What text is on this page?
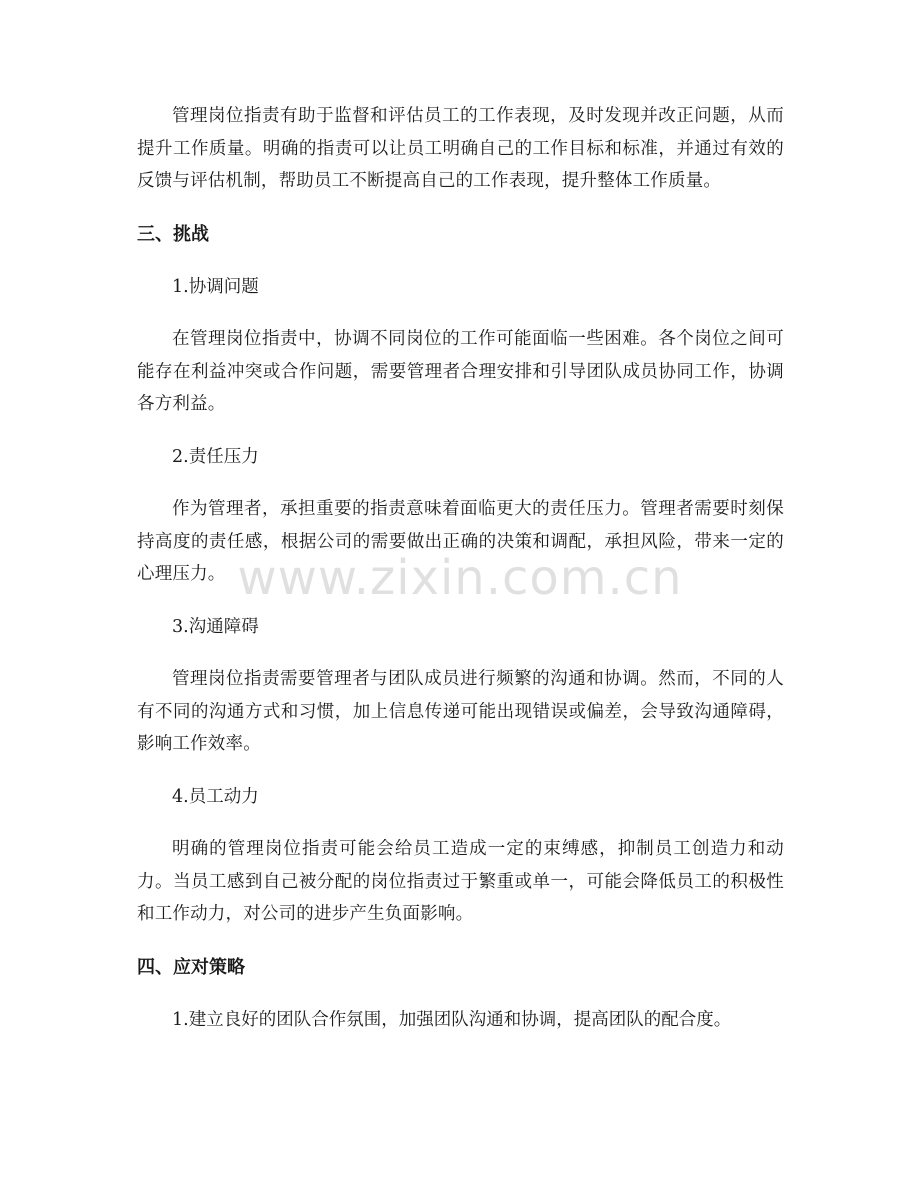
www.zixin.com.cn

管理岗位指责有助于监督和评估员工的工作表现，及时发现并改正问题，从而提升工作质量。明确的指责可以让员工明确自己的工作目标和标准，并通过有效的反馈与评估机制，帮助员工不断提高自己的工作表现，提升整体工作质量。

三、挑战

1.协调问题

在管理岗位指责中，协调不同岗位的工作可能面临一些困难。各个岗位之间可能存在利益冲突或合作问题，需要管理者合理安排和引导团队成员协同工作，协调各方利益。

2.责任压力

作为管理者，承担重要的指责意味着面临更大的责任压力。管理者需要时刻保持高度的责任感，根据公司的需要做出正确的决策和调配，承担风险，带来一定的心理压力。

3.沟通障碍

管理岗位指责需要管理者与团队成员进行频繁的沟通和协调。然而，不同的人有不同的沟通方式和习惯，加上信息传递可能出现错误或偏差，会导致沟通障碍，影响工作效率。

4.员工动力

明确的管理岗位指责可能会给员工造成一定的束缚感，抑制员工创造力和动力。当员工感到自己被分配的岗位指责过于繁重或单一，可能会降低员工的积极性和工作动力，对公司的进步产生负面影响。

四、应对策略

1.建立良好的团队合作氛围，加强团队沟通和协调，提高团队的配合度。
